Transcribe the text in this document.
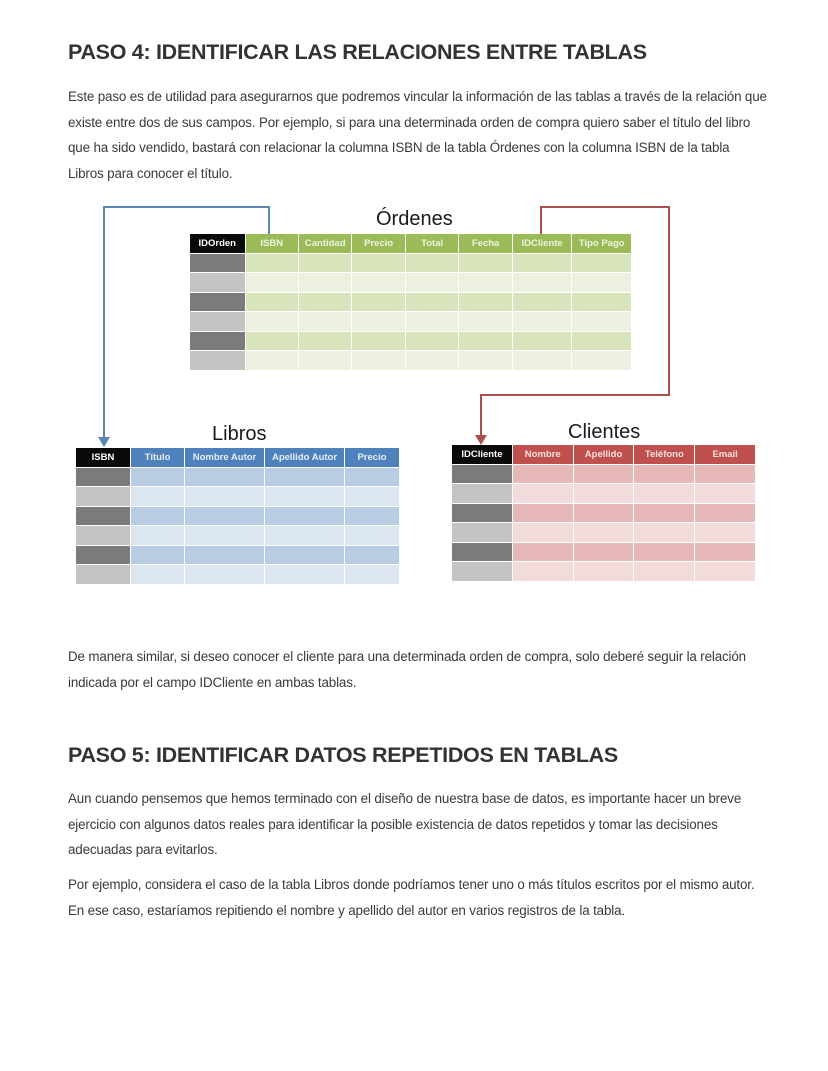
PASO 4: IDENTIFICAR LAS RELACIONES ENTRE TABLAS

Este paso es de utilidad para asegurarnos que podremos vincular la información de las tablas a través de la relación que existe entre dos de sus campos. Por ejemplo, si para una determinada orden de compra quiero saber el título del libro que ha sido vendido, bastará con relacionar la columna ISBN de la tabla Órdenes con la columna ISBN de la tabla Libros para conocer el título.

Órdenes
IDOrden	ISBN	Cantidad	Precio	Total	Fecha	IDCliente	Tipo Pago

Libros
ISBN	Título	Nombre Autor	Apellido Autor	Precio

Clientes
IDCliente	Nombre	Apellido	Teléfono	Email

De manera similar, si deseo conocer el cliente para una determinada orden de compra, solo deberé seguir la relación indicada por el campo IDCliente en ambas tablas.

PASO 5: IDENTIFICAR DATOS REPETIDOS EN TABLAS

Aun cuando pensemos que hemos terminado con el diseño de nuestra base de datos, es importante hacer un breve ejercicio con algunos datos reales para identificar la posible existencia de datos repetidos y tomar las decisiones adecuadas para evitarlos.

Por ejemplo, considera el caso de la tabla Libros donde podríamos tener uno o más títulos escritos por el mismo autor. En ese caso, estaríamos repitiendo el nombre y apellido del autor en varios registros de la tabla.
